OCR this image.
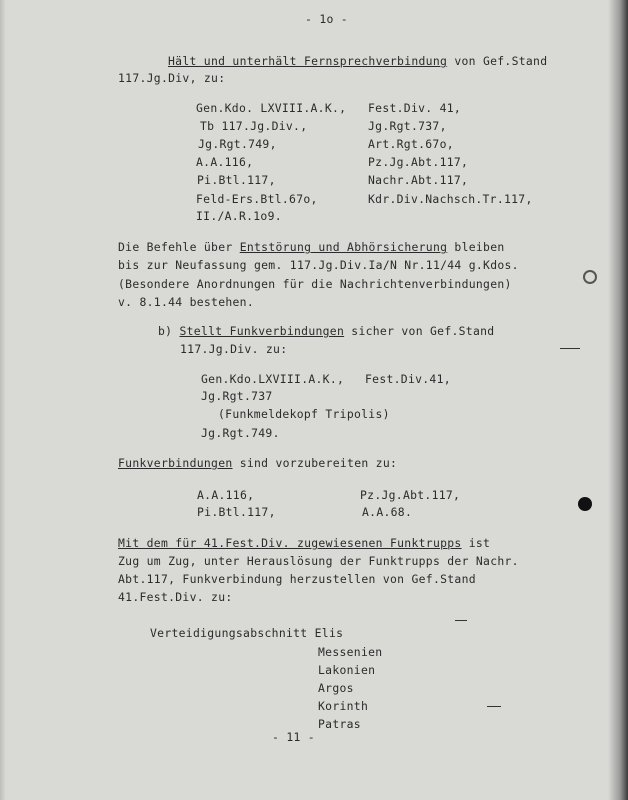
- 1o -
Hält und unterhält Fernsprechverbindung von Gef.Stand
117.Jg.Div, zu:
Gen.Kdo. LXVIII.A.K.,
Tb 117.Jg.Div.,
Jg.Rgt.749,
A.A.116,
Pi.Btl.117,
Feld-Ers.Btl.67o,
II./A.R.1o9.
Fest.Div. 41,
Jg.Rgt.737,
Art.Rgt.67o,
Pz.Jg.Abt.117,
Nachr.Abt.117,
Kdr.Div.Nachsch.Tr.117,
Die Befehle über Entstörung und Abhörsicherung bleiben
bis zur Neufassung gem. 117.Jg.Div.Ia/N Nr.11/44 g.Kdos.
(Besondere Anordnungen für die Nachrichtenverbindungen)
v. 8.1.44 bestehen.
b) Stellt Funkverbindungen sicher von Gef.Stand
117.Jg.Div. zu:
Gen.Kdo.LXVIII.A.K., Fest.Div.41,
Jg.Rgt.737
(Funkmeldekopf Tripolis)
Jg.Rgt.749.
Funkverbindungen sind vorzubereiten zu:
A.A.116,
Pi.Btl.117,
Pz.Jg.Abt.117,
A.A.68.
Mit dem für 41.Fest.Div. zugewiesenen Funktrupps ist
Zug um Zug, unter Herauslösung der Funktrupps der Nachr.
Abt.117, Funkverbindung herzustellen von Gef.Stand
41.Fest.Div. zu:
Verteidigungsabschnitt Elis
Messenien
Lakonien
Argos
Korinth
Patras
- 11 -
